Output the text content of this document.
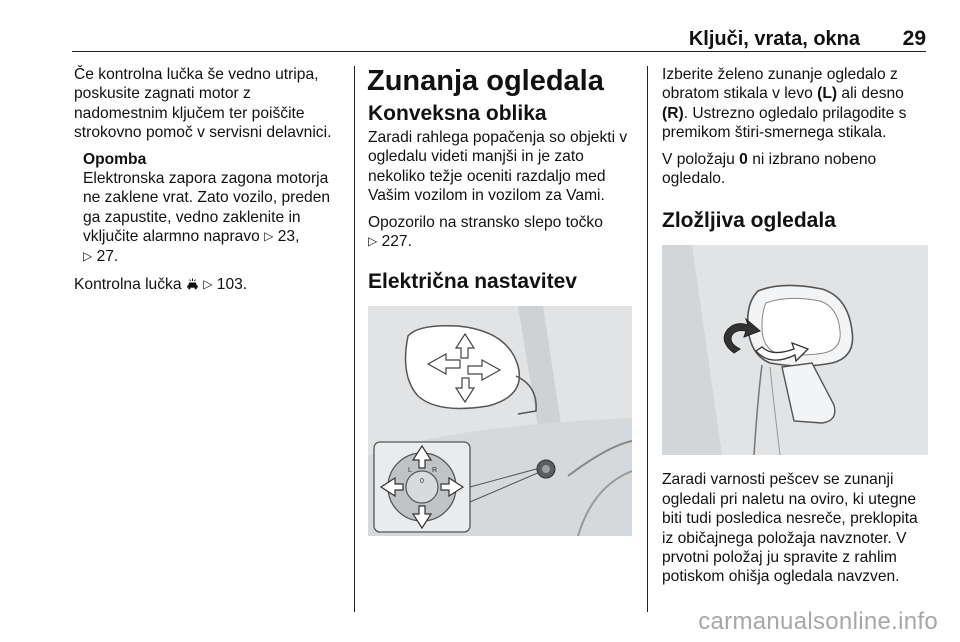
Ključi, vrata, okna	29

Če kontrolna lučka še vedno utripa, poskusite zagnati motor z nadomestnim ključem ter poiščite strokovno pomoč v servisni delavnici.

Opomba

Elektronska zapora zagona motorja ne zaklene vrat. Zato vozilo, preden ga zapustite, vedno zaklenite in vključite alarmno napravo ▷ 23,
▷ 27.

Kontrolna lučka ▷ 103.

Zunanja ogledala
Konveksna oblika

Zaradi rahlega popačenja so objekti v ogledalu videti manjši in je zato nekoliko težje oceniti razdaljo med Vašim vozilom in vozilom za Vami.

Opozorilo na stransko slepo točko
▷ 227.

Električna nastavitev
L	R
0

Izberite želeno zunanje ogledalo z obratom stikala v levo (L) ali desno
(R). Ustrezno ogledalo prilagodite s premikom štiri-smernega stikala.

V položaju 0 ni izbrano nobeno ogledalo.

Zložljiva ogledala

Zaradi varnosti pešcev se zunanji ogledali pri naletu na oviro, ki utegne biti tudi posledica nesreče, preklopita iz običajnega položaja navznoter. V prvotni položaj ju spravite z rahlim potiskom ohišja ogledala navzven.

carmanualsonline.info
